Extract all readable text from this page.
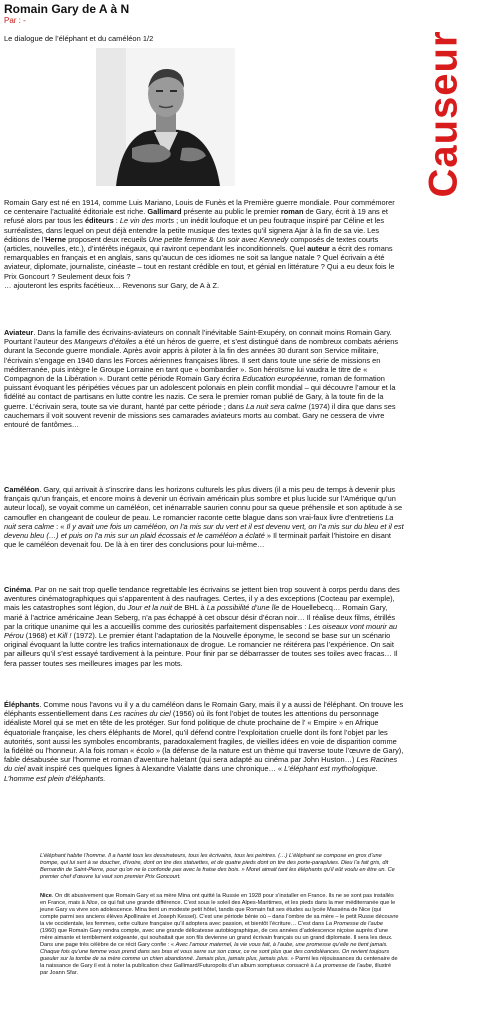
Romain Gary de A à N
Par : -
Le dialogue de l’éléphant et du caméléon 1/2	Causeur

Romain Gary est né en 1914, comme Luis Mariano, Louis de Funès et la Première guerre mondiale. Pour commémorer ce centenaire l’actualité éditoriale est riche. Gallimard présente au public le premier roman de Gary, écrit à 19 ans et refusé alors par tous les éditeurs : Le vin des morts ; un inédit loufoque et un peu foutraque inspiré par Céline et les surréalistes, dans lequel on peut déjà entendre la petite musique des textes qu’il signera Ajar à la fin de sa vie. Les éditions de l’Herne proposent deux recueils Une petite femme & Un soir avec Kennedy composés de textes courts (articles, nouvelles, etc.), d’intérêts inégaux, qui raviront cependant les inconditionnels. Quel auteur a écrit des romans remarquables en français et en anglais, sans qu’aucun de ces idiomes ne soit sa langue natale ? Quel écrivain a été aviateur, diplomate, journaliste, cinéaste – tout en restant crédible en tout, et génial en littérature ? Qui a eu deux fois le Prix Goncourt ? Seulement deux fois ?
… ajouteront les esprits facétieux… Revenons sur Gary, de A à Z.

Aviateur. Dans la famille des écrivains-aviateurs on connaît l’inévitable Saint-Exupéry, on connait moins Romain Gary. Pourtant l’auteur des Mangeurs d’étoiles a été un héros de guerre, et s’est distingué dans de nombreux combats aériens durant la Seconde guerre mondiale. Après avoir appris à piloter à la fin des années 30 durant son Service militaire, l’écrivain s’engage en 1940 dans les Forces aériennes françaises libres. Il sert dans toute une série de missions en méditerranée, puis intègre le Groupe Lorraine en tant que « bombardier ». Son héroïsme lui vaudra le titre de « Compagnon de la Libération ». Durant cette période Romain Gary écrira Education européenne, roman de formation puissant évoquant les péripéties vécues par un adolescent polonais en plein conflit mondial – qui découvre l’amour et la fidélité au contact de partisans en lutte contre les nazis. Ce sera le premier roman publié de Gary, à la toute fin de la guerre. L’écrivain sera, toute sa vie durant, hanté par cette période ; dans La nuit sera calme (1974) il dira que dans ses cauchemars il voit souvent revenir de missions ses camarades aviateurs morts au combat. Gary ne cessera de vivre entouré de fantômes…

Caméléon. Gary, qui arrivait à s’inscrire dans les horizons culturels les plus divers (il a mis peu de temps à devenir plus français qu’un français, et encore moins à devenir un écrivain américain plus sombre et plus lucide sur l’Amérique qu’un auteur local), se voyait comme un caméléon, cet inénarrable saurien connu pour sa queue préhensile et son aptitude à se camoufler en changeant de couleur de peau. Le romancier raconte cette blague dans son vrai-faux livre d’entretiens La nuit sera calme : « Il y avait une fois un caméléon, on l’a mis sur du vert et il est devenu vert, on l’a mis sur du bleu et il est devenu bleu (…) et puis on l’a mis sur un plaid écossais et le caméléon a éclaté » Il terminait parfait l’histoire en disant que le caméléon devenait fou. De là à en tirer des conclusions pour lui-même…

Cinéma. Par on ne sait trop quelle tendance regrettable les écrivains se jettent bien trop souvent à corps perdu dans des aventures cinématographiques qui s’apparentent à des naufrages. Certes, il y a des exceptions (Cocteau par exemple), mais les catastrophes sont légion, du Jour et la nuit de BHL à La possibilité d’une île de Houellebecq… Romain Gary, marié à l’actrice américaine Jean Seberg, n’a pas échappé à cet obscur désir d’écran noir… Il réalise deux films, étrillés par la critique unanime qui les a accueillis comme des curiosités parfaitement dispensables : Les oiseaux vont mourir au Pérou (1968) et Kill ! (1972). Le premier étant l’adaptation de la Nouvelle éponyme, le second se base sur un scénario original évoquant la lutte contre les trafics internationaux de drogue. Le romancier ne réitérera pas l’expérience. On sait par ailleurs qu’il s’est essayé tardivement à la peinture. Pour finir par se débarrasser de toutes ses toiles avec fracas… Il fera passer toutes ses meilleures images par les mots.

Éléphants. Comme nous l’avons vu il y a du caméléon dans le Romain Gary, mais il y a aussi de l’éléphant. On trouve les éléphants essentiellement dans Les racines du ciel (1956) où ils font l’objet de toutes les attentions du personnage idéaliste Morel qui se met en tête de les protéger. Sur fond politique de chute prochaine de l’ « Empire » en Afrique équatoriale française, les chers éléphants de Morel, qu’il défend contre l’exploitation cruelle dont ils font l’objet par les autorités, sont aussi les symboles encombrants, paradoxalement fragiles, de vieilles idées en voie de disparition comme la fidélité ou l’honneur. A la fois roman « écolo » (la défense de la nature est un thème qui traverse toute l’œuvre de Gary), fable désabusée sur l’homme et roman d’aventure haletant (qui sera adapté au cinéma par John Huston…) Les Racines du ciel avait inspiré ces quelques lignes à Alexandre Vialatte dans une chronique… « L’éléphant est mythologique. L’homme est plein d’éléphants.

L’éléphant habite l’homme. Il a hanté tous les dessinateurs, tous les écrivains, tous les peintres. (…) L’éléphant se compose en gros d’une trompe, qui lui sert à se doucher, d’ivoire, dont on tire des statuettes, et de quatre pieds dont on tire des porte-parapluies. Dieu l’a fait gris, dit Bernardin de Saint-Pierre, pour qu’on ne le confonde pas avec la fraise des bois. » Morel aimait tant les éléphants qu’il eût voulu en être un. Ce premier chef d’œuvre lui vaut son premier Prix Goncourt.
Nice. On dit abusivement que Romain Gary et sa mère Mina ont quitté la Russie en 1928 pour s’installer en France. Ils ne se sont pas installés en France, mais à Nice, ce qui fait une grande différence. C’est sous le soleil des Alpes-Maritimes, et les pieds dans la mer méditerranée que le jeune Gary va vivre son adolescence. Mina tient un modeste petit hôtel, tandis que Romain fait ses études au lycée Masséna de Nice (qui compte parmi ses anciens élèves Apollinaire et Joseph Kessel). C’est une période bénie où – dans l’ombre de sa mère – le petit Russe découvre la vie occidentale, les femmes, cette culture française qu’il adoptera avec passion, et bientôt l’écriture… C’est dans La Promesse de l’aube (1960) que Romain Gary rendra compte, avec une grande délicatesse autobiographique, de ces années d’adolescence niçoise auprès d’une mère aimante et terriblement exigeante, qui souhaitait que son fils devienne un grand écrivain français ou un grand diplomate. Il sera les deux. Dans une page très célèbre de ce récit Gary confie : « Avec l’amour maternel, la vie vous fait, à l’aube, une promesse qu’elle ne tient jamais. Chaque fois qu’une femme vous prend dans ses bras et vous serre sur son cœur, ce ne sont plus que des condoléances. On revient toujours gueuler sur la tombe de sa mère comme un chien abandonné. Jamais plus, jamais plus, jamais plus. » Parmi les réjouissances du centenaire de la naissance de Gary il est à noter la publication chez Gallimard/Futuropolis d’un album somptueux consacré à La promesse de l’aube, illustré par Joann Sfar.
